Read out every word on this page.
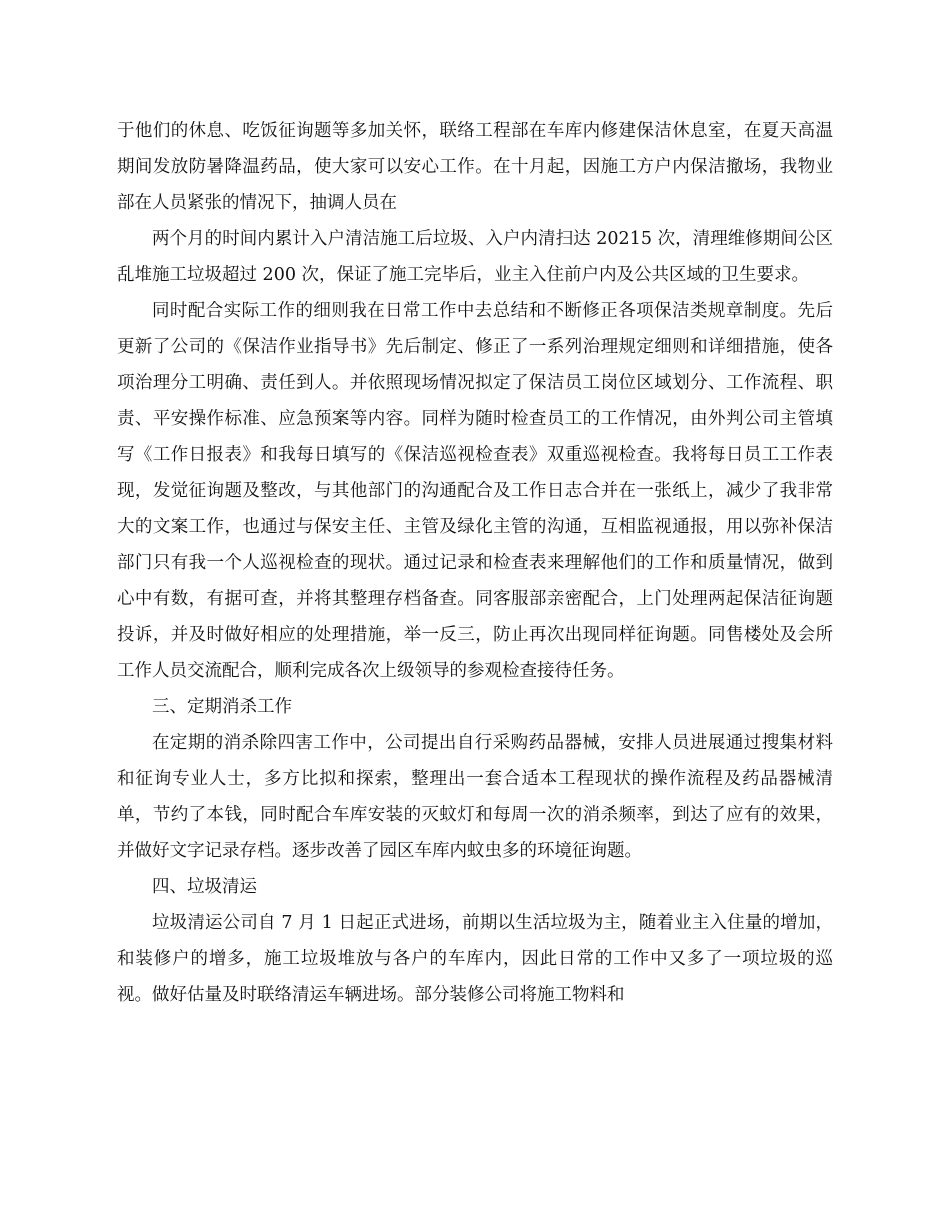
于他们的休息、吃饭征询题等多加关怀，联络工程部在车库内修建保洁休息室，在夏天高温期间发放防暑降温药品，使大家可以安心工作。在十月起，因施工方户内保洁撤场，我物业部在人员紧张的情况下，抽调人员在

两个月的时间内累计入户清洁施工后垃圾、入户内清扫达 20215 次，清理维修期间公区乱堆施工垃圾超过 200 次，保证了施工完毕后，业主入住前户内及公共区域的卫生要求。

同时配合实际工作的细则我在日常工作中去总结和不断修正各项保洁类规章制度。先后更新了公司的《保洁作业指导书》先后制定、修正了一系列治理规定细则和详细措施，使各项治理分工明确、责任到人。并依照现场情况拟定了保洁员工岗位区域划分、工作流程、职责、平安操作标准、应急预案等内容。同样为随时检查员工的工作情况，由外判公司主管填写《工作日报表》和我每日填写的《保洁巡视检查表》双重巡视检查。我将每日员工工作表现，发觉征询题及整改，与其他部门的沟通配合及工作日志合并在一张纸上，减少了我非常大的文案工作，也通过与保安主任、主管及绿化主管的沟通，互相监视通报，用以弥补保洁部门只有我一个人巡视检查的现状。通过记录和检查表来理解他们的工作和质量情况，做到心中有数，有据可查，并将其整理存档备查。同客服部亲密配合，上门处理两起保洁征询题投诉，并及时做好相应的处理措施，举一反三，防止再次出现同样征询题。同售楼处及会所工作人员交流配合，顺利完成各次上级领导的参观检查接待任务。

三、定期消杀工作

在定期的消杀除四害工作中，公司提出自行采购药品器械，安排人员进展通过搜集材料和征询专业人士，多方比拟和探索，整理出一套合适本工程现状的操作流程及药品器械清单，节约了本钱，同时配合车库安装的灭蚊灯和每周一次的消杀频率，到达了应有的效果，并做好文字记录存档。逐步改善了园区车库内蚊虫多的环境征询题。

四、垃圾清运

垃圾清运公司自 7 月 1 日起正式进场，前期以生活垃圾为主，随着业主入住量的增加，和装修户的增多，施工垃圾堆放与各户的车库内，因此日常的工作中又多了一项垃圾的巡视。做好估量及时联络清运车辆进场。部分装修公司将施工物料和
